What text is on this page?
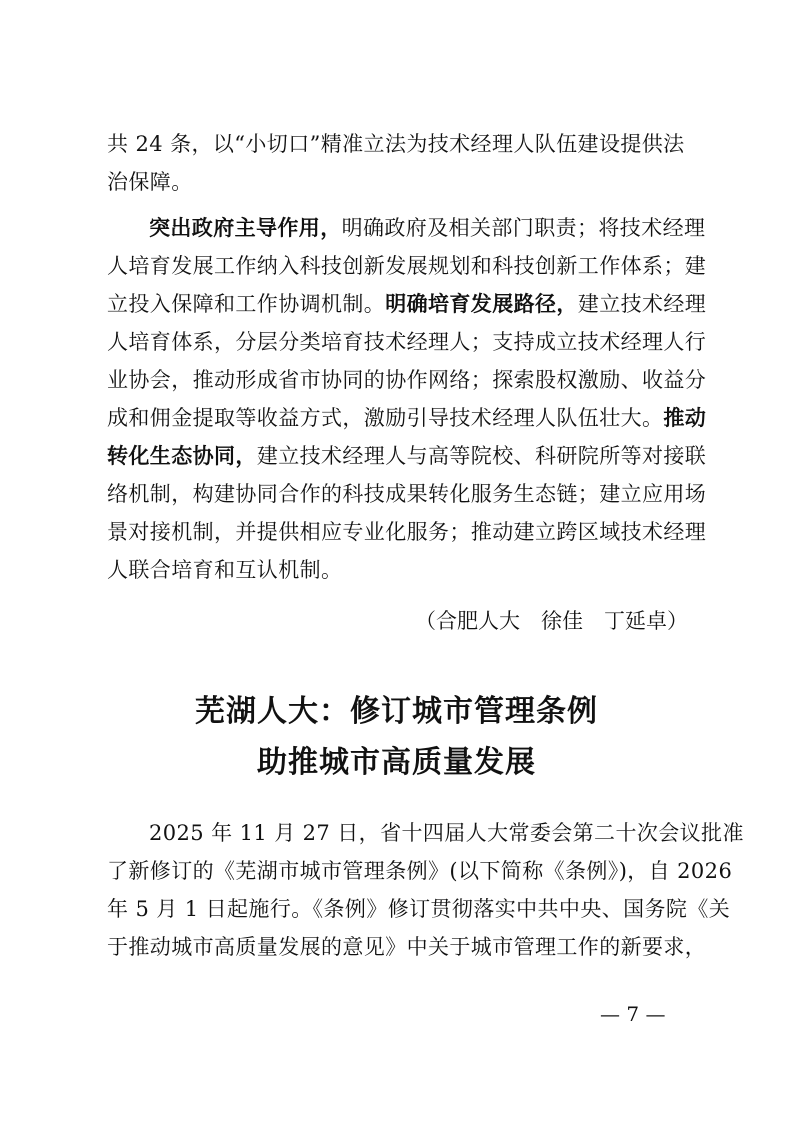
共 24 条，以“小切口”精准立法为技术经理人队伍建设提供法
治保障。
突出政府主导作用，明确政府及相关部门职责；将技术经理
人培育发展工作纳入科技创新发展规划和科技创新工作体系；建
立投入保障和工作协调机制。明确培育发展路径，建立技术经理
人培育体系，分层分类培育技术经理人；支持成立技术经理人行
业协会，推动形成省市协同的协作网络；探索股权激励、收益分
成和佣金提取等收益方式，激励引导技术经理人队伍壮大。推动
转化生态协同，建立技术经理人与高等院校、科研院所等对接联
络机制，构建协同合作的科技成果转化服务生态链；建立应用场
景对接机制，并提供相应专业化服务；推动建立跨区域技术经理
人联合培育和互认机制。
（合肥人大　徐佳　丁延卓）
芜湖人大：修订城市管理条例
助推城市高质量发展
2025 年 11 月 27 日，省十四届人大常委会第二十次会议批准
了新修订的《芜湖市城市管理条例》(以下简称《条例》)，自 2026
年 5 月 1 日起施行。《条例》修订贯彻落实中共中央、国务院《关
于推动城市高质量发展的意见》中关于城市管理工作的新要求，
— 7 —
